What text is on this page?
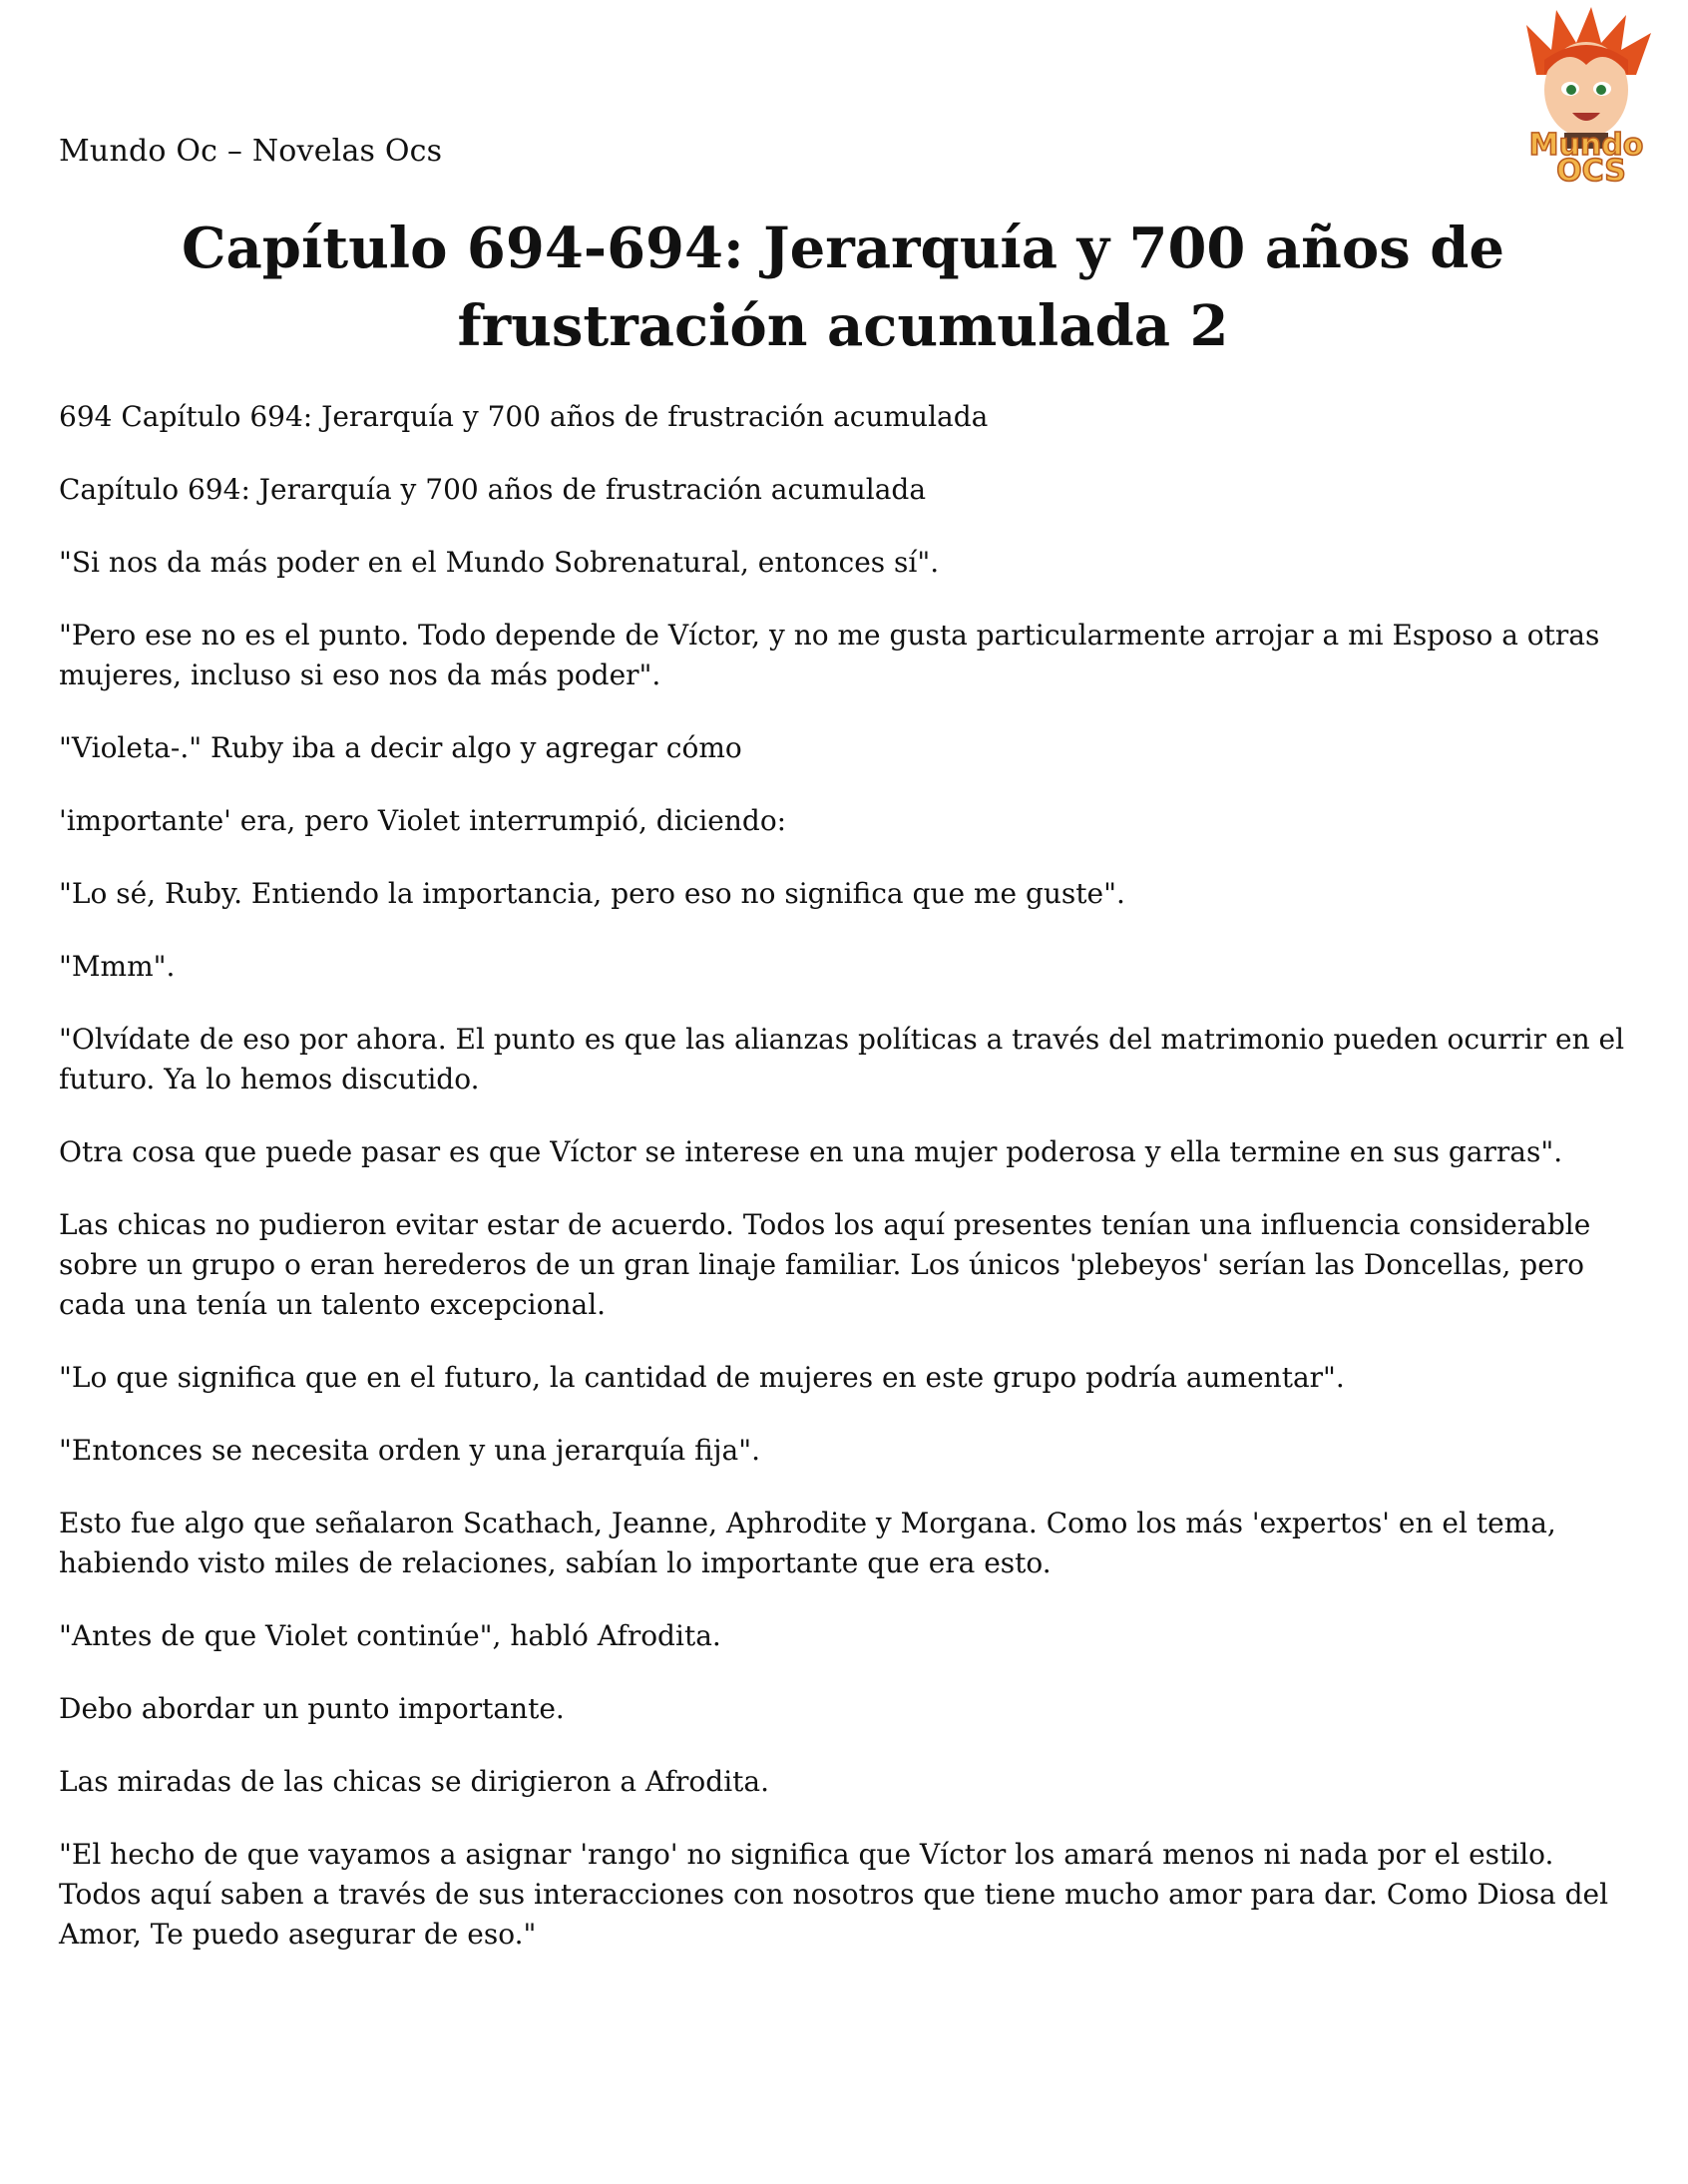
Mundo Oc – Novelas Ocs	Mundo
OCS
Capítulo 694-694: Jerarquía y 700 años de frustración acumulada 2

694 Capítulo 694: Jerarquía y 700 años de frustración acumulada

Capítulo 694: Jerarquía y 700 años de frustración acumulada

"Si nos da más poder en el Mundo Sobrenatural, entonces sí".

"Pero ese no es el punto. Todo depende de Víctor, y no me gusta particularmente arrojar a mi Esposo a otras mujeres, incluso si eso nos da más poder".

"Violeta-." Ruby iba a decir algo y agregar cómo

'importante' era, pero Violet interrumpió, diciendo:

"Lo sé, Ruby. Entiendo la importancia, pero eso no significa que me guste".

"Mmm".

"Olvídate de eso por ahora. El punto es que las alianzas políticas a través del matrimonio pueden ocurrir en el futuro. Ya lo hemos discutido.

Otra cosa que puede pasar es que Víctor se interese en una mujer poderosa y ella termine en sus garras".

Las chicas no pudieron evitar estar de acuerdo. Todos los aquí presentes tenían una influencia considerable sobre un grupo o eran herederos de un gran linaje familiar. Los únicos 'plebeyos' serían las Doncellas, pero cada una tenía un talento excepcional.

"Lo que significa que en el futuro, la cantidad de mujeres en este grupo podría aumentar".

"Entonces se necesita orden y una jerarquía fija".

Esto fue algo que señalaron Scathach, Jeanne, Aphrodite y Morgana. Como los más 'expertos' en el tema, habiendo visto miles de relaciones, sabían lo importante que era esto.

"Antes de que Violet continúe", habló Afrodita.

Debo abordar un punto importante.

Las miradas de las chicas se dirigieron a Afrodita.

"El hecho de que vayamos a asignar 'rango' no significa que Víctor los amará menos ni nada por el estilo. Todos aquí saben a través de sus interacciones con nosotros que tiene mucho amor para dar. Como Diosa del Amor, Te puedo asegurar de eso."
